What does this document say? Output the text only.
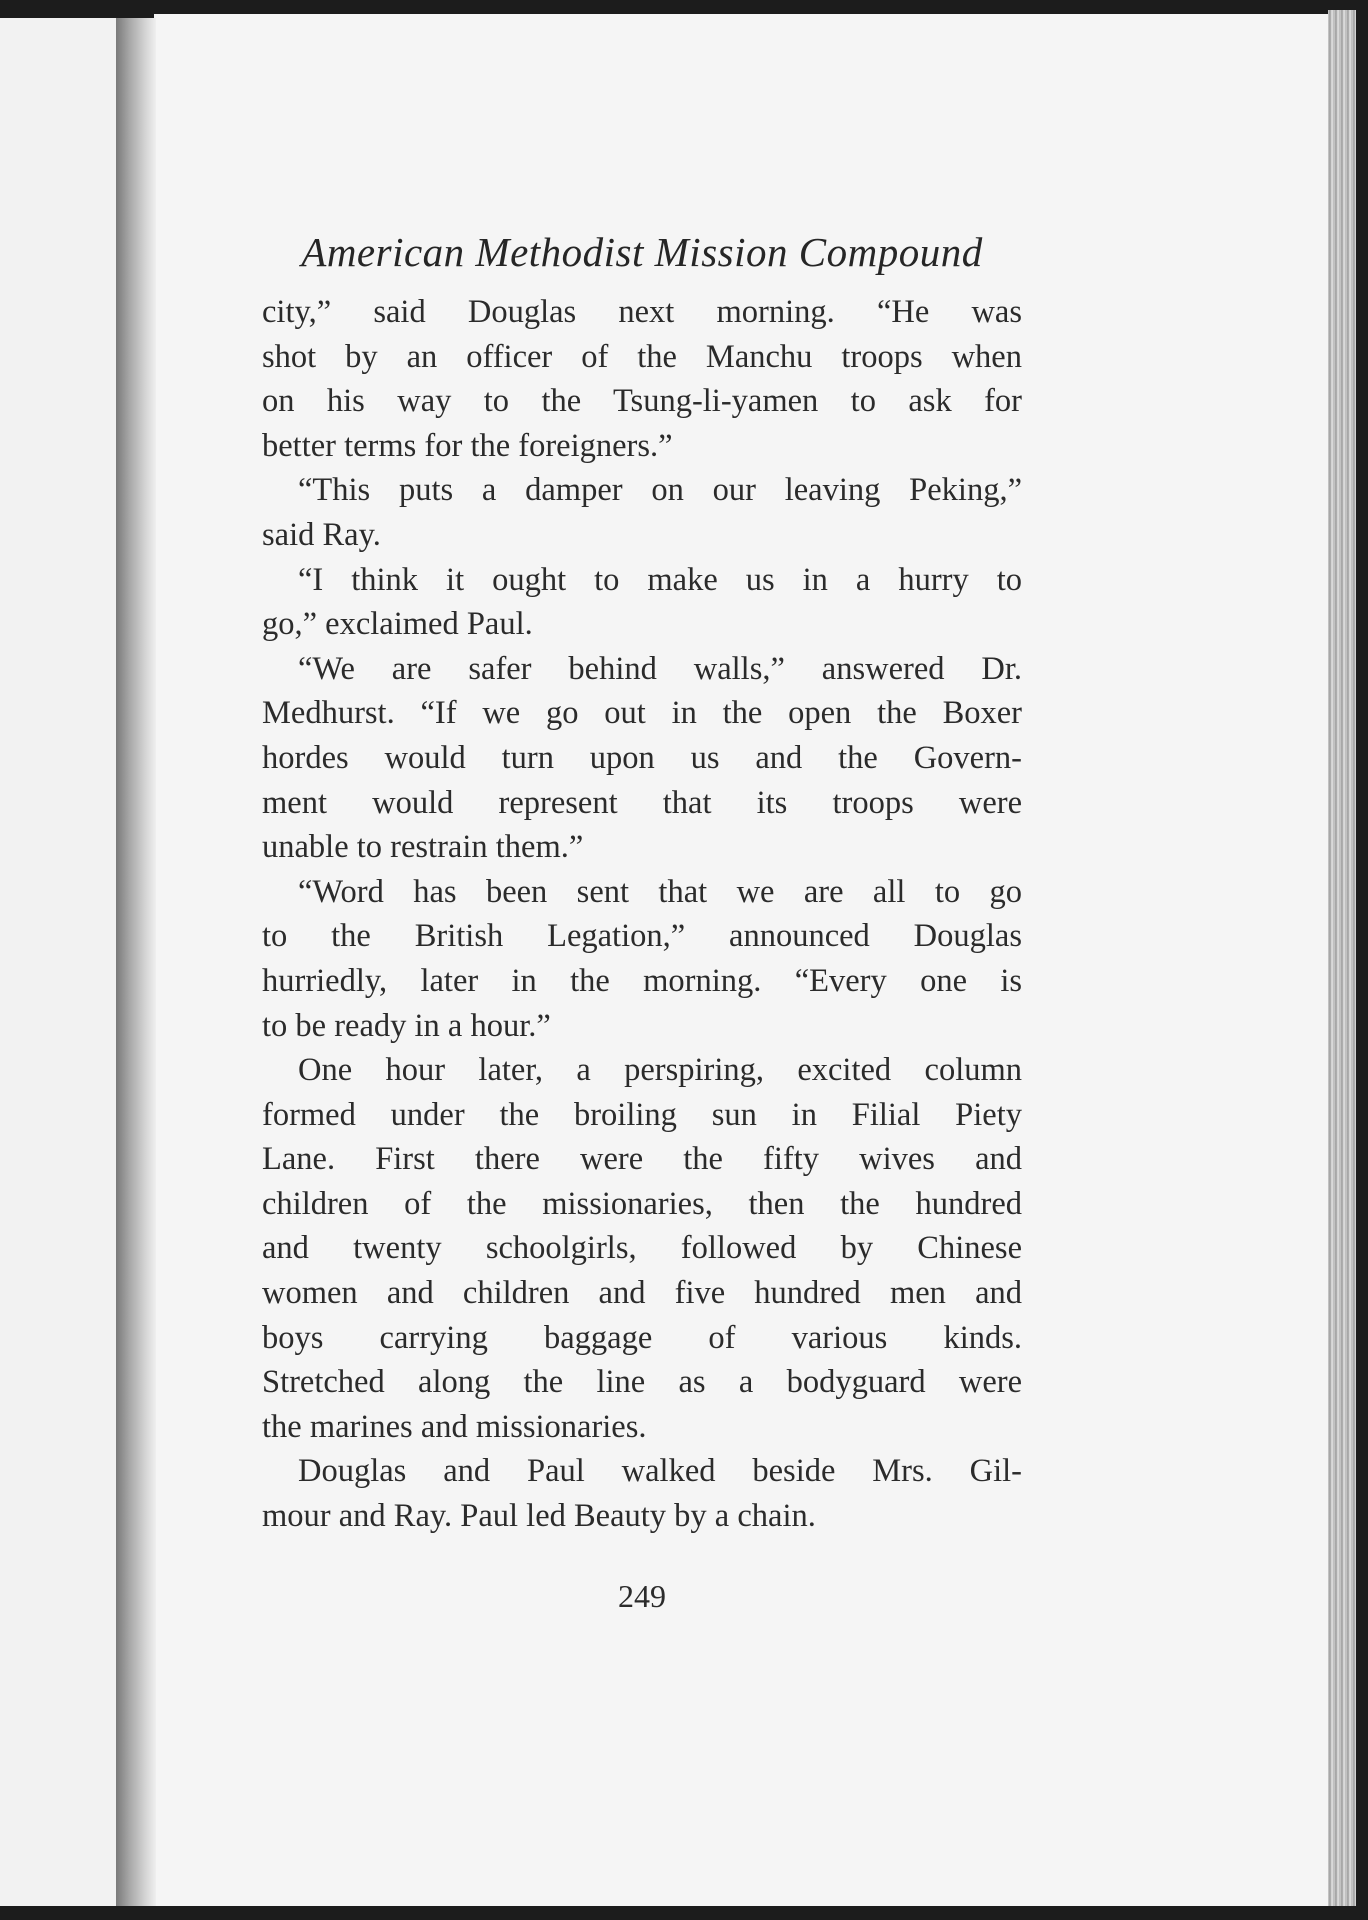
American Methodist Mission Compound
city,” said Douglas next morning. “He was
shot by an officer of the Manchu troops when
on his way to the Tsung-li-yamen to ask for
better terms for the foreigners.”
“This puts a damper on our leaving Peking,”
said Ray.
“I think it ought to make us in a hurry to
go,” exclaimed Paul.
“We are safer behind walls,” answered Dr.
Medhurst. “If we go out in the open the Boxer
hordes would turn upon us and the Govern-
ment would represent that its troops were
unable to restrain them.”
“Word has been sent that we are all to go
to the British Legation,” announced Douglas
hurriedly, later in the morning. “Every one is
to be ready in a hour.”
One hour later, a perspiring, excited column
formed under the broiling sun in Filial Piety
Lane. First there were the fifty wives and
children of the missionaries, then the hundred
and twenty schoolgirls, followed by Chinese
women and children and five hundred men and
boys carrying baggage of various kinds.
Stretched along the line as a bodyguard were
the marines and missionaries.
Douglas and Paul walked beside Mrs. Gil-
mour and Ray. Paul led Beauty by a chain.
249
